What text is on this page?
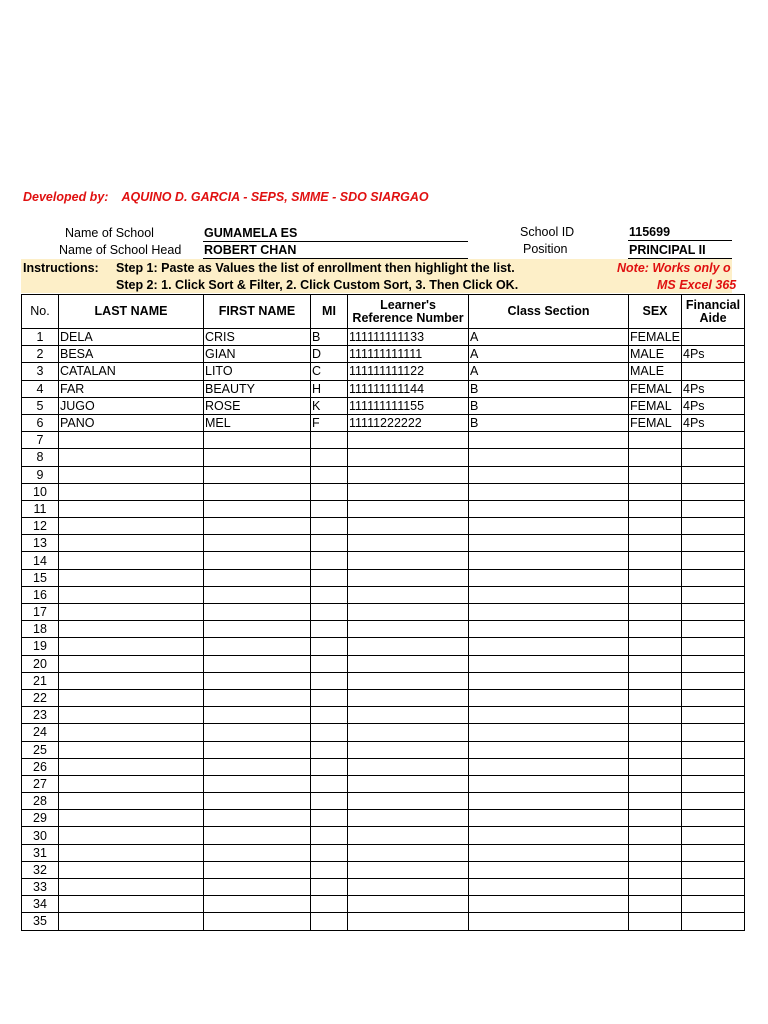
Developed by: AQUINO D. GARCIA - SEPS, SMME - SDO SIARGAO
Name of School	GUMAMELA ES
Name of School Head ROBERT CHAN
School ID	115699
Position	PRINCIPAL II
Instructions: Step 1: Paste as Values the list of enrollment then highlight the list.
Step 2: 1. Click Sort & Filter, 2. Click Custom Sort, 3. Then Click OK.
Note: Works only o
MS Excel 365
No.	LAST NAME	FIRST NAME	MI	Learner's Reference Number	Class Section	SEX	Financial Aide
1	DELA	CRIS	B	111111111133	A	FEMALE	
2	BESA	GIAN	D	111111111111	A	MALE	4Ps
3	CATALAN	LITO	C	111111111122	A	MALE	
4	FAR	BEAUTY	H	111111111144	B	FEMAL	4Ps
5	JUGO	ROSE	K	111111111155	B	FEMAL	4Ps
6	PANO	MEL	F	11111222222	B	FEMAL	4Ps
7							
8							
9							
10							
11							
12							
13							
14							
15							
16							
17							
18							
19							
20							
21							
22							
23							
24							
25							
26							
27							
28							
29							
30							
31							
32							
33							
34							
35							
